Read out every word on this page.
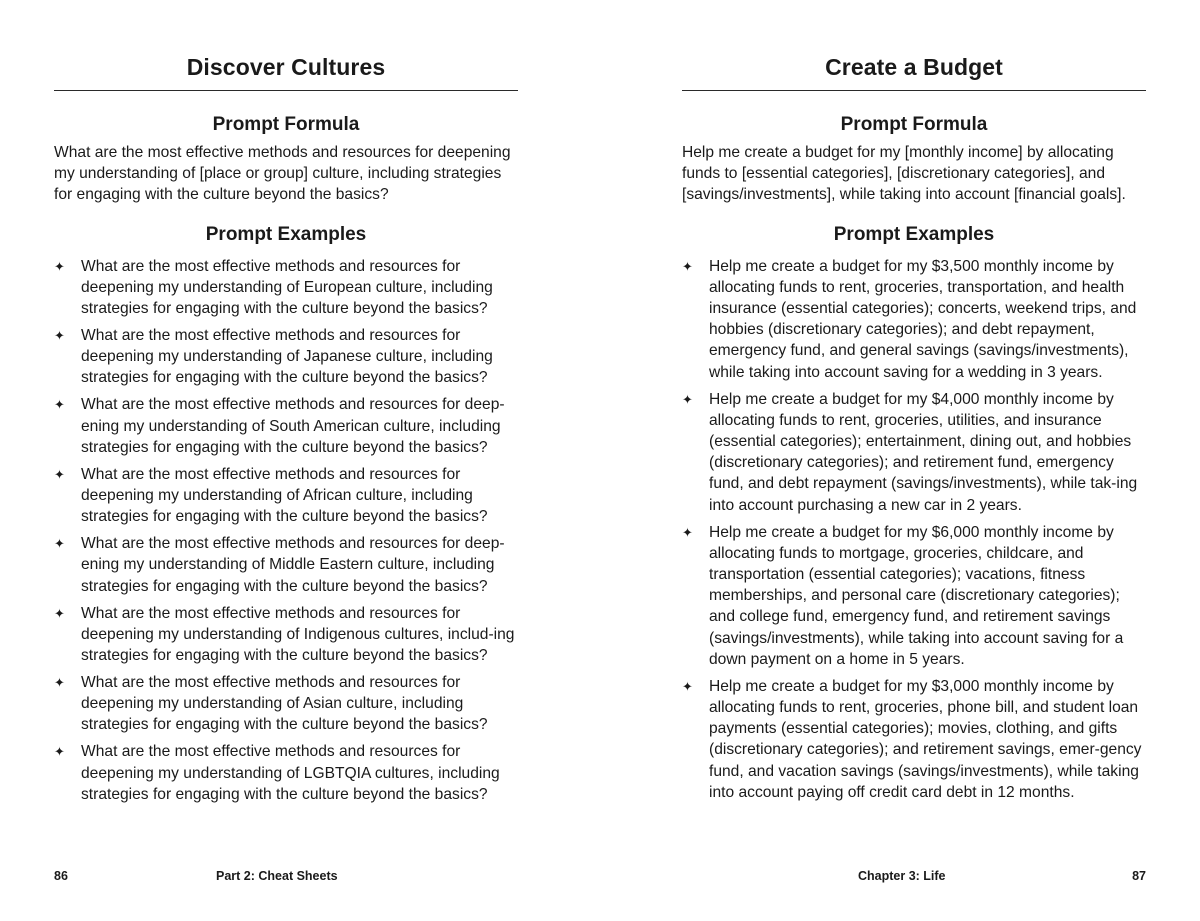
Discover Cultures
Prompt Formula

What are the most effective methods and resources for deepening my understanding of [place or group] culture, including strategies for engaging with the culture beyond the basics?

Prompt Examples
✦ What are the most effective methods and resources for deepening my understanding of European culture, including strategies for engaging with the culture beyond the basics?
✦ What are the most effective methods and resources for deepening my understanding of Japanese culture, including strategies for engaging with the culture beyond the basics?
✦ What are the most effective methods and resources for deep-ening my understanding of South American culture, including strategies for engaging with the culture beyond the basics?
✦ What are the most effective methods and resources for deepening my understanding of African culture, including strategies for engaging with the culture beyond the basics?
✦ What are the most effective methods and resources for deep-ening my understanding of Middle Eastern culture, including strategies for engaging with the culture beyond the basics?
✦ What are the most effective methods and resources for deepening my understanding of Indigenous cultures, includ-ing strategies for engaging with the culture beyond the basics?
✦ What are the most effective methods and resources for deepening my understanding of Asian culture, including strategies for engaging with the culture beyond the basics?
✦ What are the most effective methods and resources for deepening my understanding of LGBTQIA cultures, including strategies for engaging with the culture beyond the basics?
Create a Budget
Prompt Formula

Help me create a budget for my [monthly income] by allocating funds to [essential categories], [discretionary categories], and [savings/investments], while taking into account [financial goals].

Prompt Examples
✦ Help me create a budget for my $3,500 monthly income by allocating funds to rent, groceries, transportation, and health insurance (essential categories); concerts, weekend trips, and hobbies (discretionary categories); and debt repayment, emergency fund, and general savings (savings/investments), while taking into account saving for a wedding in 3 years.
✦ Help me create a budget for my $4,000 monthly income by allocating funds to rent, groceries, utilities, and insurance (essential categories); entertainment, dining out, and hobbies (discretionary categories); and retirement fund, emergency fund, and debt repayment (savings/investments), while tak-ing into account purchasing a new car in 2 years.
✦ Help me create a budget for my $6,000 monthly income by allocating funds to mortgage, groceries, childcare, and transportation (essential categories); vacations, fitness memberships, and personal care (discretionary categories); and college fund, emergency fund, and retirement savings (savings/investments), while taking into account saving for a down payment on a home in 5 years.
✦ Help me create a budget for my $3,000 monthly income by allocating funds to rent, groceries, phone bill, and student loan payments (essential categories); movies, clothing, and gifts (discretionary categories); and retirement savings, emer-gency fund, and vacation savings (savings/investments), while taking into account paying off credit card debt in 12 months.
86	Part 2: Cheat Sheets	Chapter 3: Life	87
